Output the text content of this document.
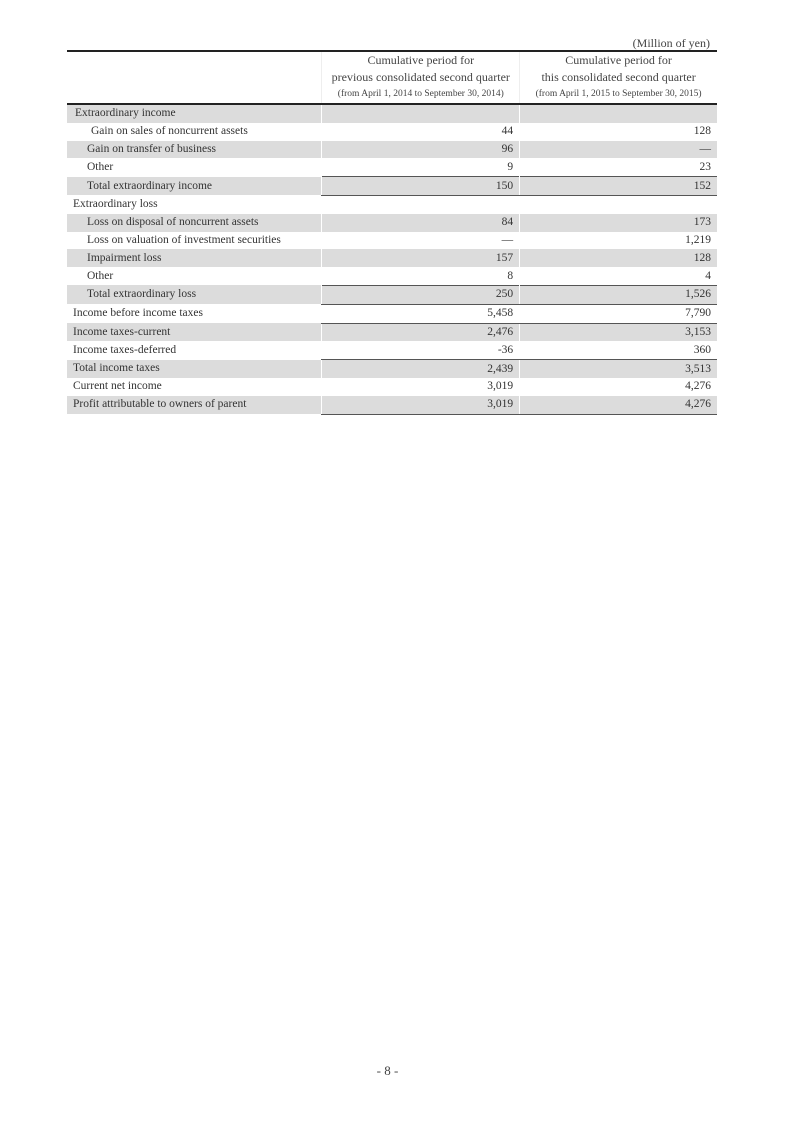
(Million of yen)

	Cumulative period for
previous consolidated second quarter
(from April 1, 2014 to September 30, 2014)	Cumulative period for
this consolidated second quarter
(from April 1, 2015 to September 30, 2015)

Extraordinary income		
Gain on sales of noncurrent assets	44	128
Gain on transfer of business	96	—
Other	9	23
Total extraordinary income	150	152
Extraordinary loss		
Loss on disposal of noncurrent assets	84	173
Loss on valuation of investment securities	—	1,219
Impairment loss	157	128
Other	8	4
Total extraordinary loss	250	1,526
Income before income taxes	5,458	7,790
Income taxes-current	2,476	3,153
Income taxes-deferred	-36	360
Total income taxes	2,439	3,513
Current net income	3,019	4,276
Profit attributable to owners of parent	3,019	4,276
- 8 -
